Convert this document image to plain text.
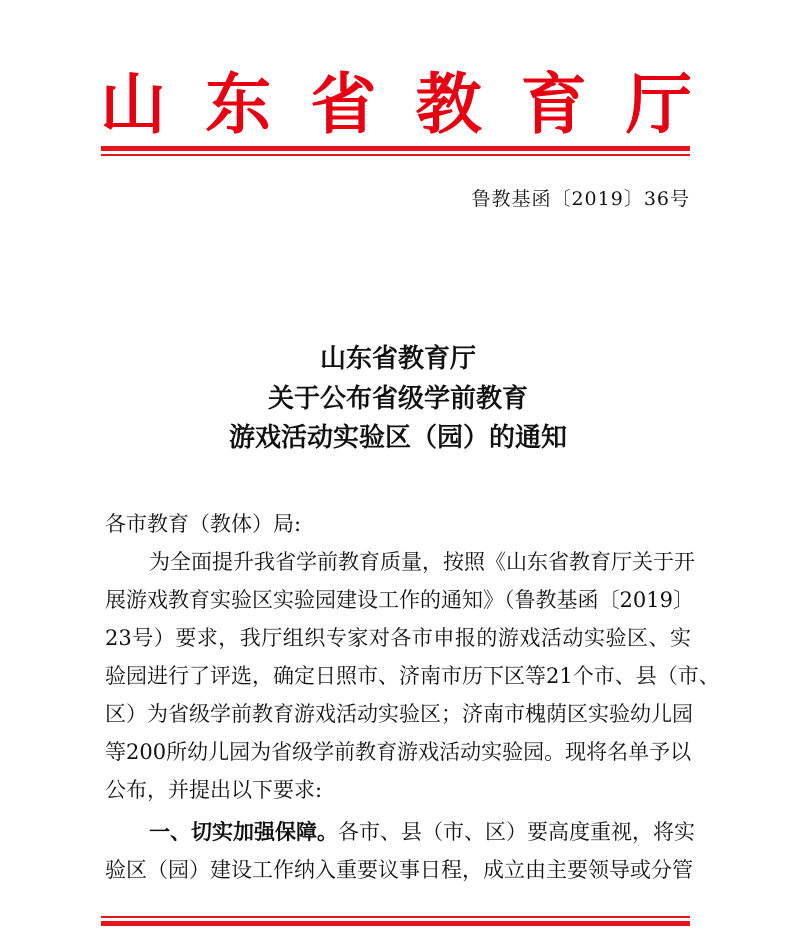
山 东 省 教 育 厅
鲁教基函〔2019〕36号
山东省教育厅
关于公布省级学前教育
游戏活动实验区（园）的通知
各市教育（教体）局:
为全面提升我省学前教育质量，按照《山东省教育厅关于开
展游戏教育实验区实验园建设工作的通知》（鲁教基函〔2019〕
23号）要求，我厅组织专家对各市申报的游戏活动实验区、实
验园进行了评选，确定日照市、济南市历下区等21个市、县（市、
区）为省级学前教育游戏活动实验区；济南市槐荫区实验幼儿园
等200所幼儿园为省级学前教育游戏活动实验园。现将名单予以
公布，并提出以下要求:
一、切实加强保障。各市、县（市、区）要高度重视，将实
验区（园）建设工作纳入重要议事日程，成立由主要领导或分管
